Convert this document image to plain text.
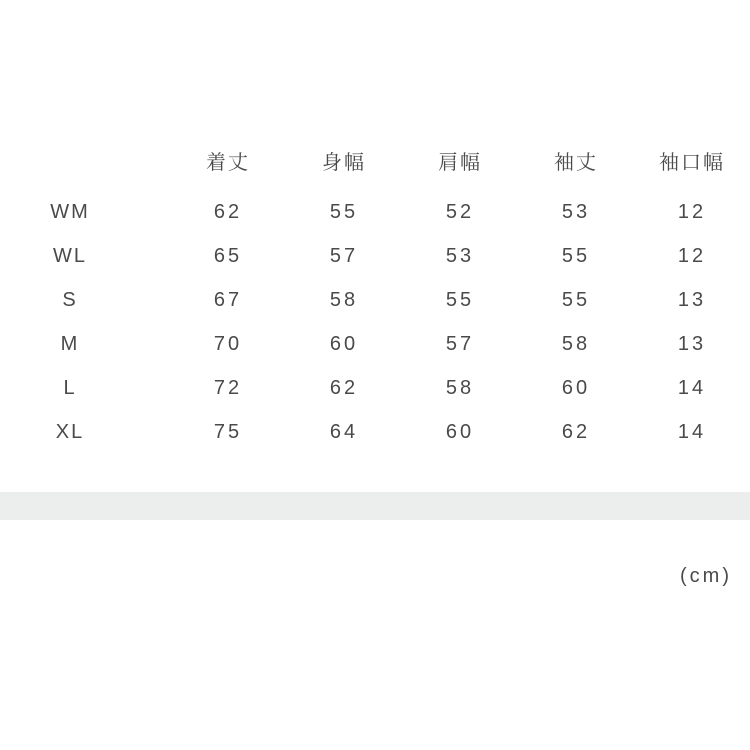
	着丈	身幅	肩幅	袖丈	袖口幅
WM	62	55	52	53	12
WL	65	57	53	55	12
S	67	58	55	55	13
M	70	60	57	58	13
L	72	62	58	60	14
XL	75	64	60	62	14
(cm)
